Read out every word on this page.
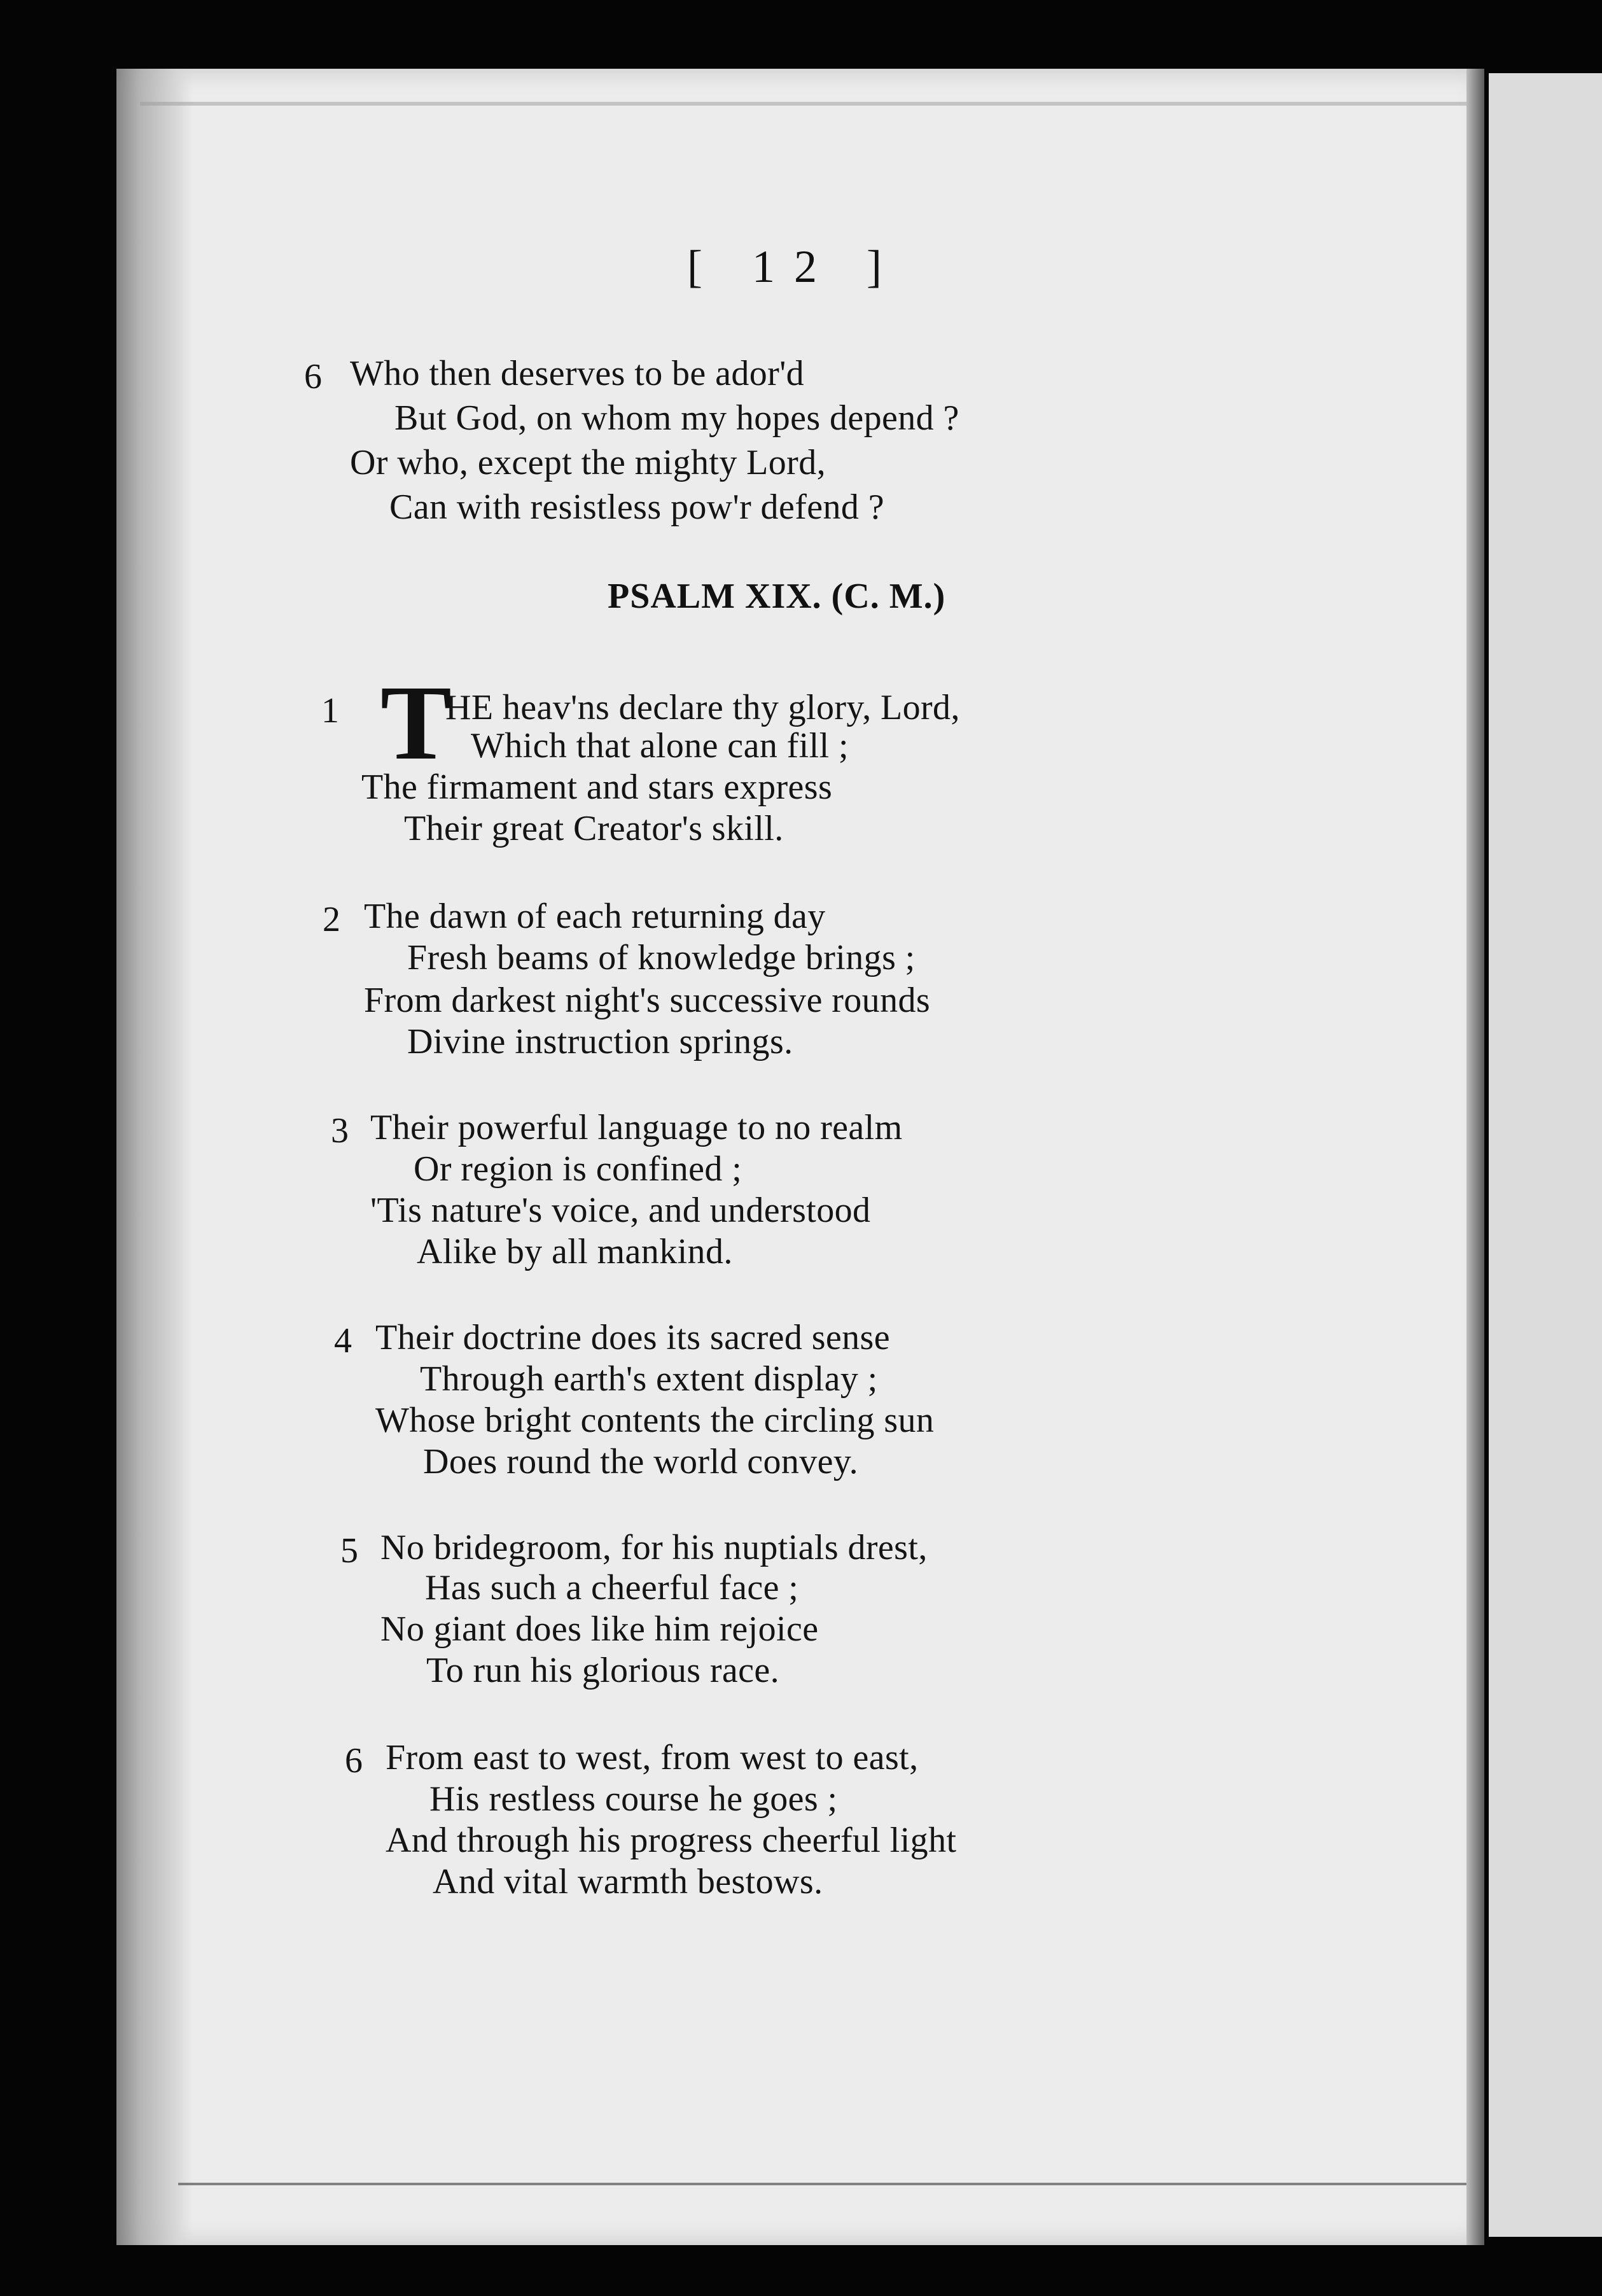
[ 12 ]
6 Who then deserves to be ador'd
But God, on whom my hopes depend ?
Or who, except the mighty Lord,
Can with resistless pow'r defend ?
PSALM XIX. (C. M.)
1 T
HE heav'ns declare thy glory, Lord,
Which that alone can fill ;
The firmament and stars express
Their great Creator's skill.
2 The dawn of each returning day
Fresh beams of knowledge brings ;
From darkest night's successive rounds
Divine instruction springs.
3 Their powerful language to no realm
Or region is confined ;
'Tis nature's voice, and understood
Alike by all mankind.
4 Their doctrine does its sacred sense
Through earth's extent display ;
Whose bright contents the circling sun
Does round the world convey.
5 No bridegroom, for his nuptials drest,
Has such a cheerful face ;
No giant does like him rejoice
To run his glorious race.
6 From east to west, from west to east,
His restless course he goes ;
And through his progress cheerful light
And vital warmth bestows.
